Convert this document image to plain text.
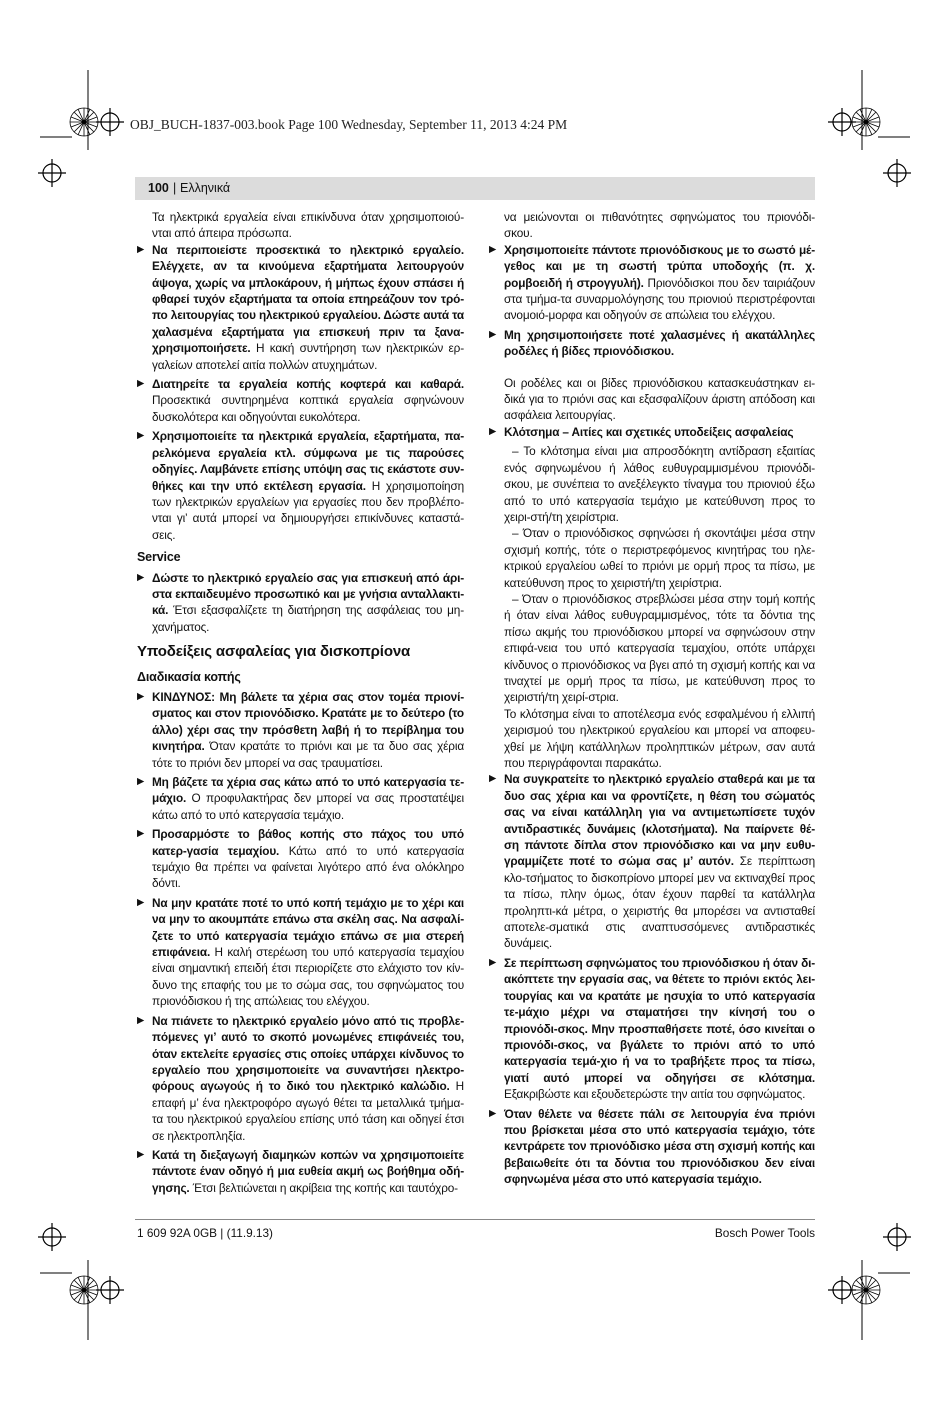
OBJ_BUCH-1837-003.book Page 100 Wednesday, September 11, 2013 4:24 PM
100 | Ελληνικά

Τα ηλεκτρικά εργαλεία είναι επικίνδυνα όταν χρησιμοποιού-νται από άπειρα πρόσωπα.

▶ Να περιποιείστε προσεκτικά το ηλεκτρικό εργαλείο. Ελέγχετε, αν τα κινούμενα εξαρτήματα λειτουργούν άψογα, χωρίς να μπλοκάρουν, ή μήπως έχουν σπάσει ή φθαρεί τυχόν εξαρτήματα τα οποία επηρεάζουν τον τρό-πο λειτουργίας του ηλεκτρικού εργαλείου. Δώστε αυτά τα χαλασμένα εξαρτήματα για επισκευή πριν τα ξανα-χρησιμοποιήσετε. Η κακή συντήρηση των ηλεκτρικών ερ-γαλείων αποτελεί αιτία πολλών ατυχημάτων.
▶ Διατηρείτε τα εργαλεία κοπής κοφτερά και καθαρά. Προσεκτικά συντηρημένα κοπτικά εργαλεία σφηνώνουν δυσκολότερα και οδηγούνται ευκολότερα.
▶ Χρησιμοποιείτε τα ηλεκτρικά εργαλεία, εξαρτήματα, πα-ρελκόμενα εργαλεία κτλ. σύμφωνα με τις παρούσες οδηγίες. Λαμβάνετε επίσης υπόψη σας τις εκάστοτε συν-θήκες και την υπό εκτέλεση εργασία. Η χρησιμοποίηση των ηλεκτρικών εργαλείων για εργασίες που δεν προβλέπο-νται γι’ αυτά μπορεί να δημιουργήσει επικίνδυνες καταστά-σεις.
Service
▶ Δώστε το ηλεκτρικό εργαλείο σας για επισκευή από άρι-στα εκπαιδευμένο προσωπικό και με γνήσια ανταλλακτι-κά. Έτσι εξασφαλίζετε τη διατήρηση της ασφάλειας του μη-χανήματος.
Υποδείξεις ασφαλείας για δισκοπρίονα
Διαδικασία κοπής
▶ ΚΙΝΔΥΝΟΣ: Μη βάλετε τα χέρια σας στον τομέα πριονί-σματος και στον πριονόδισκο. Κρατάτε με το δεύτερο (το άλλο) χέρι σας την πρόσθετη λαβή ή το περίβλημα του κινητήρα. Όταν κρατάτε το πριόνι και με τα δυο σας χέρια τότε το πριόνι δεν μπορεί να σας τραυματίσει.
▶ Μη βάζετε τα χέρια σας κάτω από το υπό κατεργασία τε-μάχιο. Ο προφυλακτήρας δεν μπορεί να σας προστατέψει κάτω από το υπό κατεργασία τεμάχιο.
▶ Προσαρμόστε το βάθος κοπής στο πάχος του υπό κατερ-γασία τεμαχίου. Κάτω από το υπό κατεργασία τεμάχιο θα πρέπει να φαίνεται λιγότερο από ένα ολόκληρο δόντι.
▶ Να μην κρατάτε ποτέ το υπό κοπή τεμάχιο με το χέρι και να μην το ακουμπάτε επάνω στα σκέλη σας. Να ασφαλί-ζετε το υπό κατεργασία τεμάχιο επάνω σε μια στερεή επιφάνεια. Η καλή στερέωση του υπό κατεργασία τεμαχίου είναι σημαντική επειδή έτσι περιορίζετε στο ελάχιστο τον κίν-δυνο της επαφής του με το σώμα σας, του σφηνώματος του πριονόδισκου ή της απώλειας του ελέγχου.
▶ Να πιάνετε το ηλεκτρικό εργαλείο μόνο από τις προβλε-πόμενες γι’ αυτό το σκοπό μονωμένες επιφάνειές του, όταν εκτελείτε εργασίες στις οποίες υπάρχει κίνδυνος το εργαλείο που χρησιμοποιείτε να συναντήσει ηλεκτρο-φόρους αγωγούς ή το δικό του ηλεκτρικό καλώδιο. Η επαφή μ’ ένα ηλεκτροφόρο αγωγό θέτει τα μεταλλικά τμήμα-τα του ηλεκτρικού εργαλείου επίσης υπό τάση και οδηγεί έτσι σε ηλεκτροπληξία.
▶ Κατά τη διεξαγωγή διαμηκών κοπών να χρησιμοποιείτε πάντοτε έναν οδηγό ή μια ευθεία ακμή ως βοήθημα οδή-γησης. Έτσι βελτιώνεται η ακρίβεια της κοπής και ταυτόχρο-

να μειώνονται οι πιθανότητες σφηνώματος του πριονόδι-σκου.

▶ Χρησιμοποιείτε πάντοτε πριονόδισκους με το σωστό μέ-γεθος και με τη σωστή τρύπα υποδοχής (π. χ. ρομβοειδή ή στρογγυλή). Πριονόδισκοι που δεν ταιριάζουν στα τμήμα-τα συναρμολόγησης του πριονιού περιστρέφονται ανομοιό-μορφα και οδηγούν σε απώλεια του ελέγχου.
▶ Μη χρησιμοποιήσετε ποτέ χαλασμένες ή ακατάλληλες ροδέλες ή βίδες πριονόδισκου.

Οι ροδέλες και οι βίδες πριονόδισκου κατασκευάστηκαν ει-δικά για το πριόνι σας και εξασφαλίζουν άριστη απόδοση και ασφάλεια λειτουργίας.

▶ Κλότσημα – Αιτίες και σχετικές υποδείξεις ασφαλείας

– Το κλότσημα είναι μια απροσδόκητη αντίδραση εξαιτίας ενός σφηνωμένου ή λάθος ευθυγραμμισμένου πριονόδι-σκου, με συνέπεια το ανεξέλεγκτο τίναγμα του πριονιού έξω από το υπό κατεργασία τεμάχιο με κατεύθυνση προς το χειρι-στή/τη χειρίστρια.

– Όταν ο πριονόδισκος σφηνώσει ή σκοντάψει μέσα στην σχισμή κοπής, τότε ο περιστρεφόμενος κινητήρας του ηλε-κτρικού εργαλείου ωθεί το πριόνι με ορμή προς τα πίσω, με κατεύθυνση προς το χειριστή/τη χειρίστρια.

– Όταν ο πριονόδισκος στρεβλώσει μέσα στην τομή κοπής ή όταν είναι λάθος ευθυγραμμισμένος, τότε τα δόντια της πίσω ακμής του πριονόδισκου μπορεί να σφηνώσουν στην επιφά-νεια του υπό κατεργασία τεμαχίου, οπότε υπάρχει κίνδυνος ο πριονόδισκος να βγει από τη σχισμή κοπής και να τιναχτεί με ορμή προς τα πίσω, με κατεύθυνση προς το χειριστή/τη χειρί-στρια.

Το κλότσημα είναι το αποτέλεσμα ενός εσφαλμένου ή ελλιπή χειρισμού του ηλεκτρικού εργαλείου και μπορεί να αποφευ-χθεί με λήψη κατάλληλων προληπτικών μέτρων, σαν αυτά που περιγράφονται παρακάτω.

▶ Να συγκρατείτε το ηλεκτρικό εργαλείο σταθερά και με τα δυο σας χέρια και να φροντίζετε, η θέση του σώματός σας να είναι κατάλληλη για να αντιμετωπίσετε τυχόν αντιδραστικές δυνάμεις (κλοτσήματα). Να παίρνετε θέ-ση πάντοτε δίπλα στον πριονόδισκο και να μην ευθυ-γραμμίζετε ποτέ το σώμα σας μ’ αυτόν. Σε περίπτωση κλο-τσήματος το δισκοπρίονο μπορεί μεν να εκτιναχθεί προς τα πίσω, πλην όμως, όταν έχουν παρθεί τα κατάλληλα προληπτι-κά μέτρα, ο χειριστής θα μπορέσει να αντισταθεί αποτελε-σματικά στις αναπτυσσόμενες αντιδραστικές δυνάμεις.
▶ Σε περίπτωση σφηνώματος του πριονόδισκου ή όταν δι-ακόπτετε την εργασία σας, να θέτετε το πριόνι εκτός λει-τουργίας και να κρατάτε με ησυχία το υπό κατεργασία τε-μάχιο μέχρι να σταματήσει την κίνησή του ο πριονόδι-σκος. Μην προσπαθήσετε ποτέ, όσο κινείται ο πριονόδι-σκος, να βγάλετε το πριόνι από το υπό κατεργασία τεμά-χιο ή να το τραβήξετε προς τα πίσω, γιατί αυτό μπορεί να οδηγήσει σε κλότσημα. Εξακριβώστε και εξουδετερώστε την αιτία του σφηνώματος.
▶ Όταν θέλετε να θέσετε πάλι σε λειτουργία ένα πριόνι που βρίσκεται μέσα στο υπό κατεργασία τεμάχιο, τότε κεντράρετε τον πριονόδισκο μέσα στη σχισμή κοπής και βεβαιωθείτε ότι τα δόντια του πριονόδισκου δεν είναι σφηνωμένα μέσα στο υπό κατεργασία τεμάχιο.
1 609 92A 0GB | (11.9.13)	Bosch Power Tools
